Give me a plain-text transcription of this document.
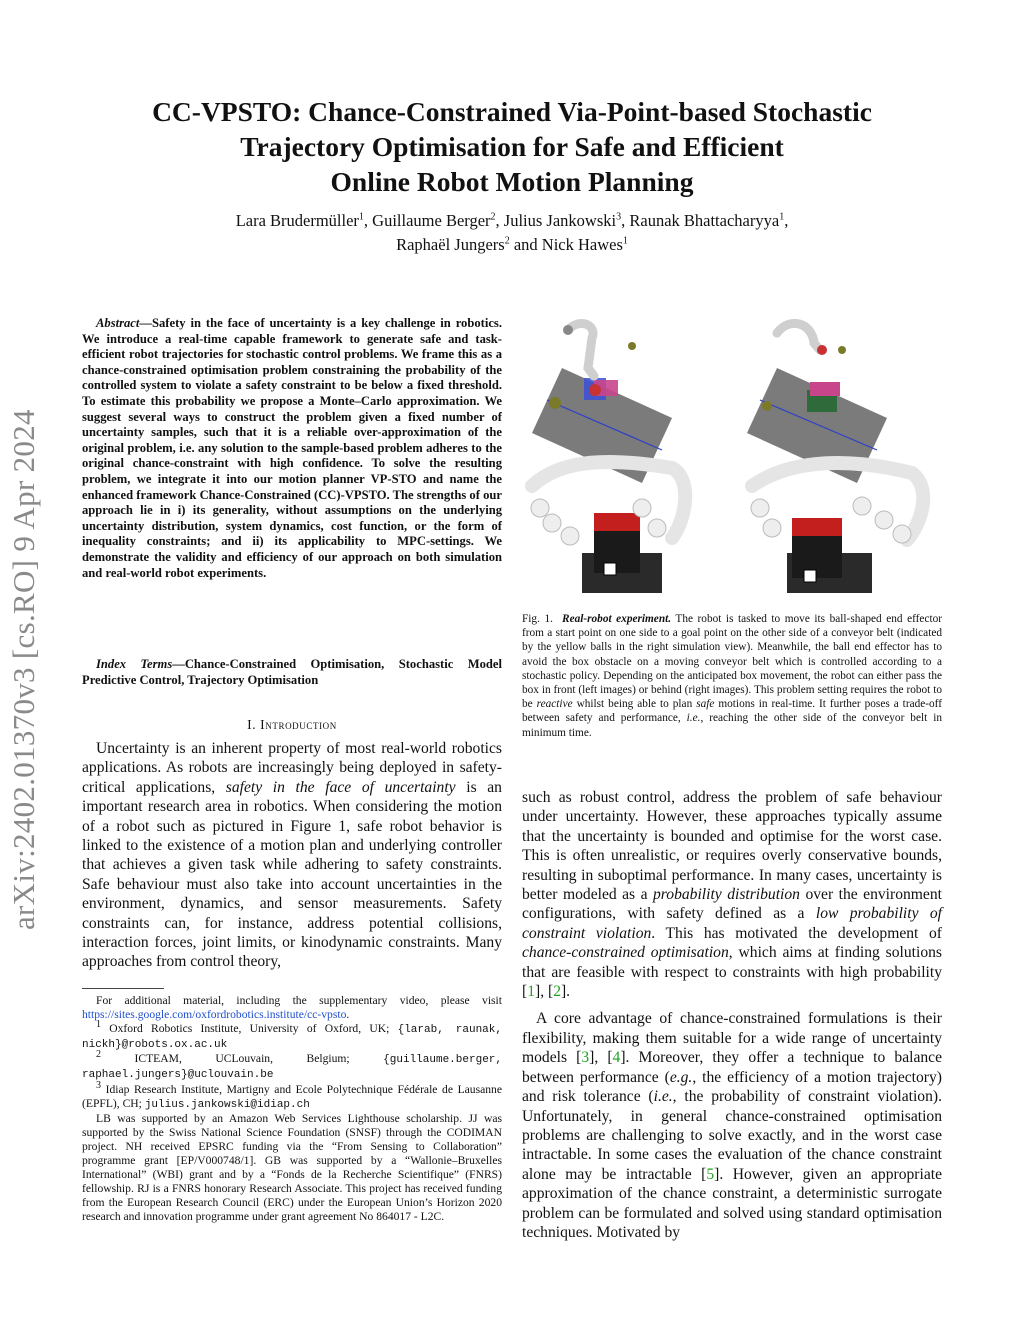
arXiv:2402.01370v3 [cs.RO] 9 Apr 2024
CC-VPSTO: Chance-Constrained Via-Point-based Stochastic
Trajectory Optimisation for Safe and Efficient
Online Robot Motion Planning
Lara Brudermüller$^1$, Guillaume Berger$^2$, Julius Jankowski$^3$, Raunak Bhattacharyya$^1$,
Raphaël Jungers$^2$ and Nick Hawes$^1$

Abstract—Safety in the face of uncertainty is a key challenge in robotics. We introduce a real-time capable framework to generate safe and task-efficient robot trajectories for stochastic control problems. We frame this as a chance-constrained optimisation problem constraining the probability of the controlled system to violate a safety constraint to be below a fixed threshold. To estimate this probability we propose a Monte–Carlo approximation. We suggest several ways to construct the problem given a fixed number of uncertainty samples, such that it is a reliable over-approximation of the original problem, i.e. any solution to the sample-based problem adheres to the original chance-constraint with high confidence. To solve the resulting problem, we integrate it into our motion planner VP-STO and name the enhanced framework Chance-Constrained (CC)-VPSTO. The strengths of our approach lie in i) its generality, without assumptions on the underlying uncertainty distribution, system dynamics, cost function, or the form of inequality constraints; and ii) its applicability to MPC-settings. We demonstrate the validity and efficiency of our approach on both simulation and real-world robot experiments.

Index Terms—Chance-Constrained Optimisation, Stochastic Model Predictive Control, Trajectory Optimisation

I. Introduction

Uncertainty is an inherent property of most real-world robotics applications. As robots are increasingly being deployed in safety-critical applications, safety in the face of uncertainty is an important research area in robotics. When considering the motion of a robot such as pictured in Figure 1, safe robot behavior is linked to the existence of a motion plan and underlying controller that achieves a given task while adhering to safety constraints. Safe behaviour must also take into account uncertainties in the environment, dynamics, and sensor measurements. Safety constraints can, for instance, address potential collisions, interaction forces, joint limits, or kinodynamic constraints. Many approaches from control theory,

For additional material, including the supplementary video, please visit https://sites.google.com/oxfordrobotics.institute/cc-vpsto.

$^1$ Oxford Robotics Institute, University of Oxford, UK; {larab, raunak, nickh}@robots.ox.ac.uk

$^2$ ICTEAM, UCLouvain, Belgium; {guillaume.berger, raphael.jungers}@uclouvain.be

$^3$ Idiap Research Institute, Martigny and Ecole Polytechnique Fédérale de Lausanne (EPFL), CH; julius.jankowski@idiap.ch

LB was supported by an Amazon Web Services Lighthouse scholarship. JJ was supported by the Swiss National Science Foundation (SNSF) through the CODIMAN project. NH received EPSRC funding via the “From Sensing to Collaboration” programme grant [EP/V000748/1]. GB was supported by a “Wallonie–Bruxelles International” (WBI) grant and by a “Fonds de la Recherche Scientifique” (FNRS) fellowship. RJ is a FNRS honorary Research Associate. This project has received funding from the European Research Council (ERC) under the European Union’s Horizon 2020 research and innovation programme under grant agreement No 864017 - L2C.

Fig. 1. Real-robot experiment. The robot is tasked to move its ball-shaped end effector from a start point on one side to a goal point on the other side of a conveyor belt (indicated by the yellow balls in the right simulation view). Meanwhile, the ball end effector has to avoid the box obstacle on a moving conveyor belt which is controlled according to a stochastic policy. Depending on the anticipated box movement, the robot can either pass the box in front (left images) or behind (right images). This problem setting requires the robot to be reactive whilst being able to plan safe motions in real-time. It further poses a trade-off between safety and performance, i.e., reaching the other side of the conveyor belt in minimum time.

such as robust control, address the problem of safe behaviour under uncertainty. However, these approaches typically assume that the uncertainty is bounded and optimise for the worst case. This is often unrealistic, or requires overly conservative bounds, resulting in suboptimal performance. In many cases, uncertainty is better modeled as a probability distribution over the environment configurations, with safety defined as a low probability of constraint violation. This has motivated the development of chance-constrained optimisation, which aims at finding solutions that are feasible with respect to constraints with high probability [1], [2].

A core advantage of chance-constrained formulations is their flexibility, making them suitable for a wide range of uncertainty models [3], [4]. Moreover, they offer a technique to balance between performance (e.g., the efficiency of a motion trajectory) and risk tolerance (i.e., the probability of constraint violation). Unfortunately, in general chance-constrained optimisation problems are challenging to solve exactly, and in the worst case intractable. In some cases the evaluation of the chance constraint alone may be intractable [5]. However, given an appropriate approximation of the chance constraint, a deterministic surrogate problem can be formulated and solved using standard optimisation techniques. Motivated by
